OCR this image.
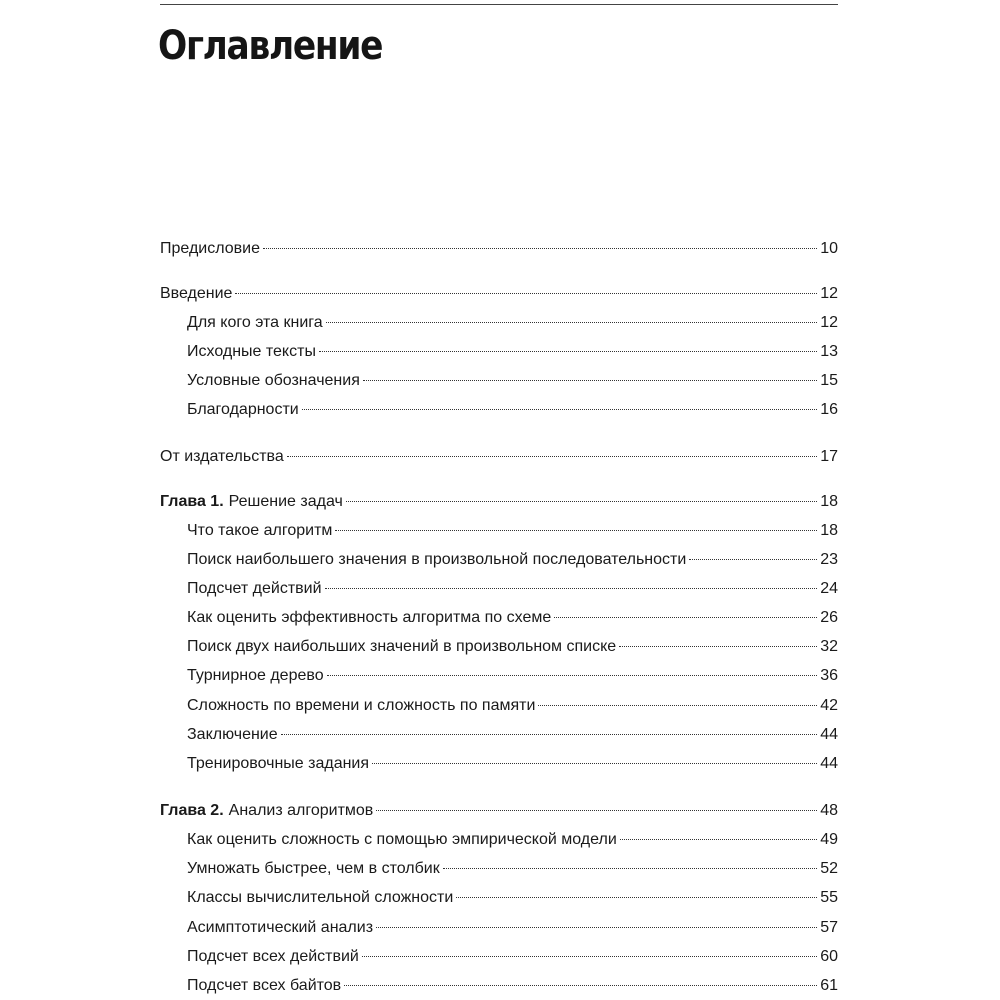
Оглавление
Предисловие	10
Введение	12
Для кого эта книга	12
Исходные тексты	13
Условные обозначения	15
Благодарности	16
От издательства	17
Глава 1. Решение задач	18
Что такое алгоритм	18
Поиск наибольшего значения в произвольной последовательности	23
Подсчет действий	24
Как оценить эффективность алгоритма по схеме	26
Поиск двух наибольших значений в произвольном списке	32
Турнирное дерево	36
Сложность по времени и сложность по памяти	42
Заключение	44
Тренировочные задания	44
Глава 2. Анализ алгоритмов	48
Как оценить сложность с помощью эмпирической модели	49
Умножать быстрее, чем в столбик	52
Классы вычислительной сложности	55
Асимптотический анализ	57
Подсчет всех действий	60
Подсчет всех байтов	61
